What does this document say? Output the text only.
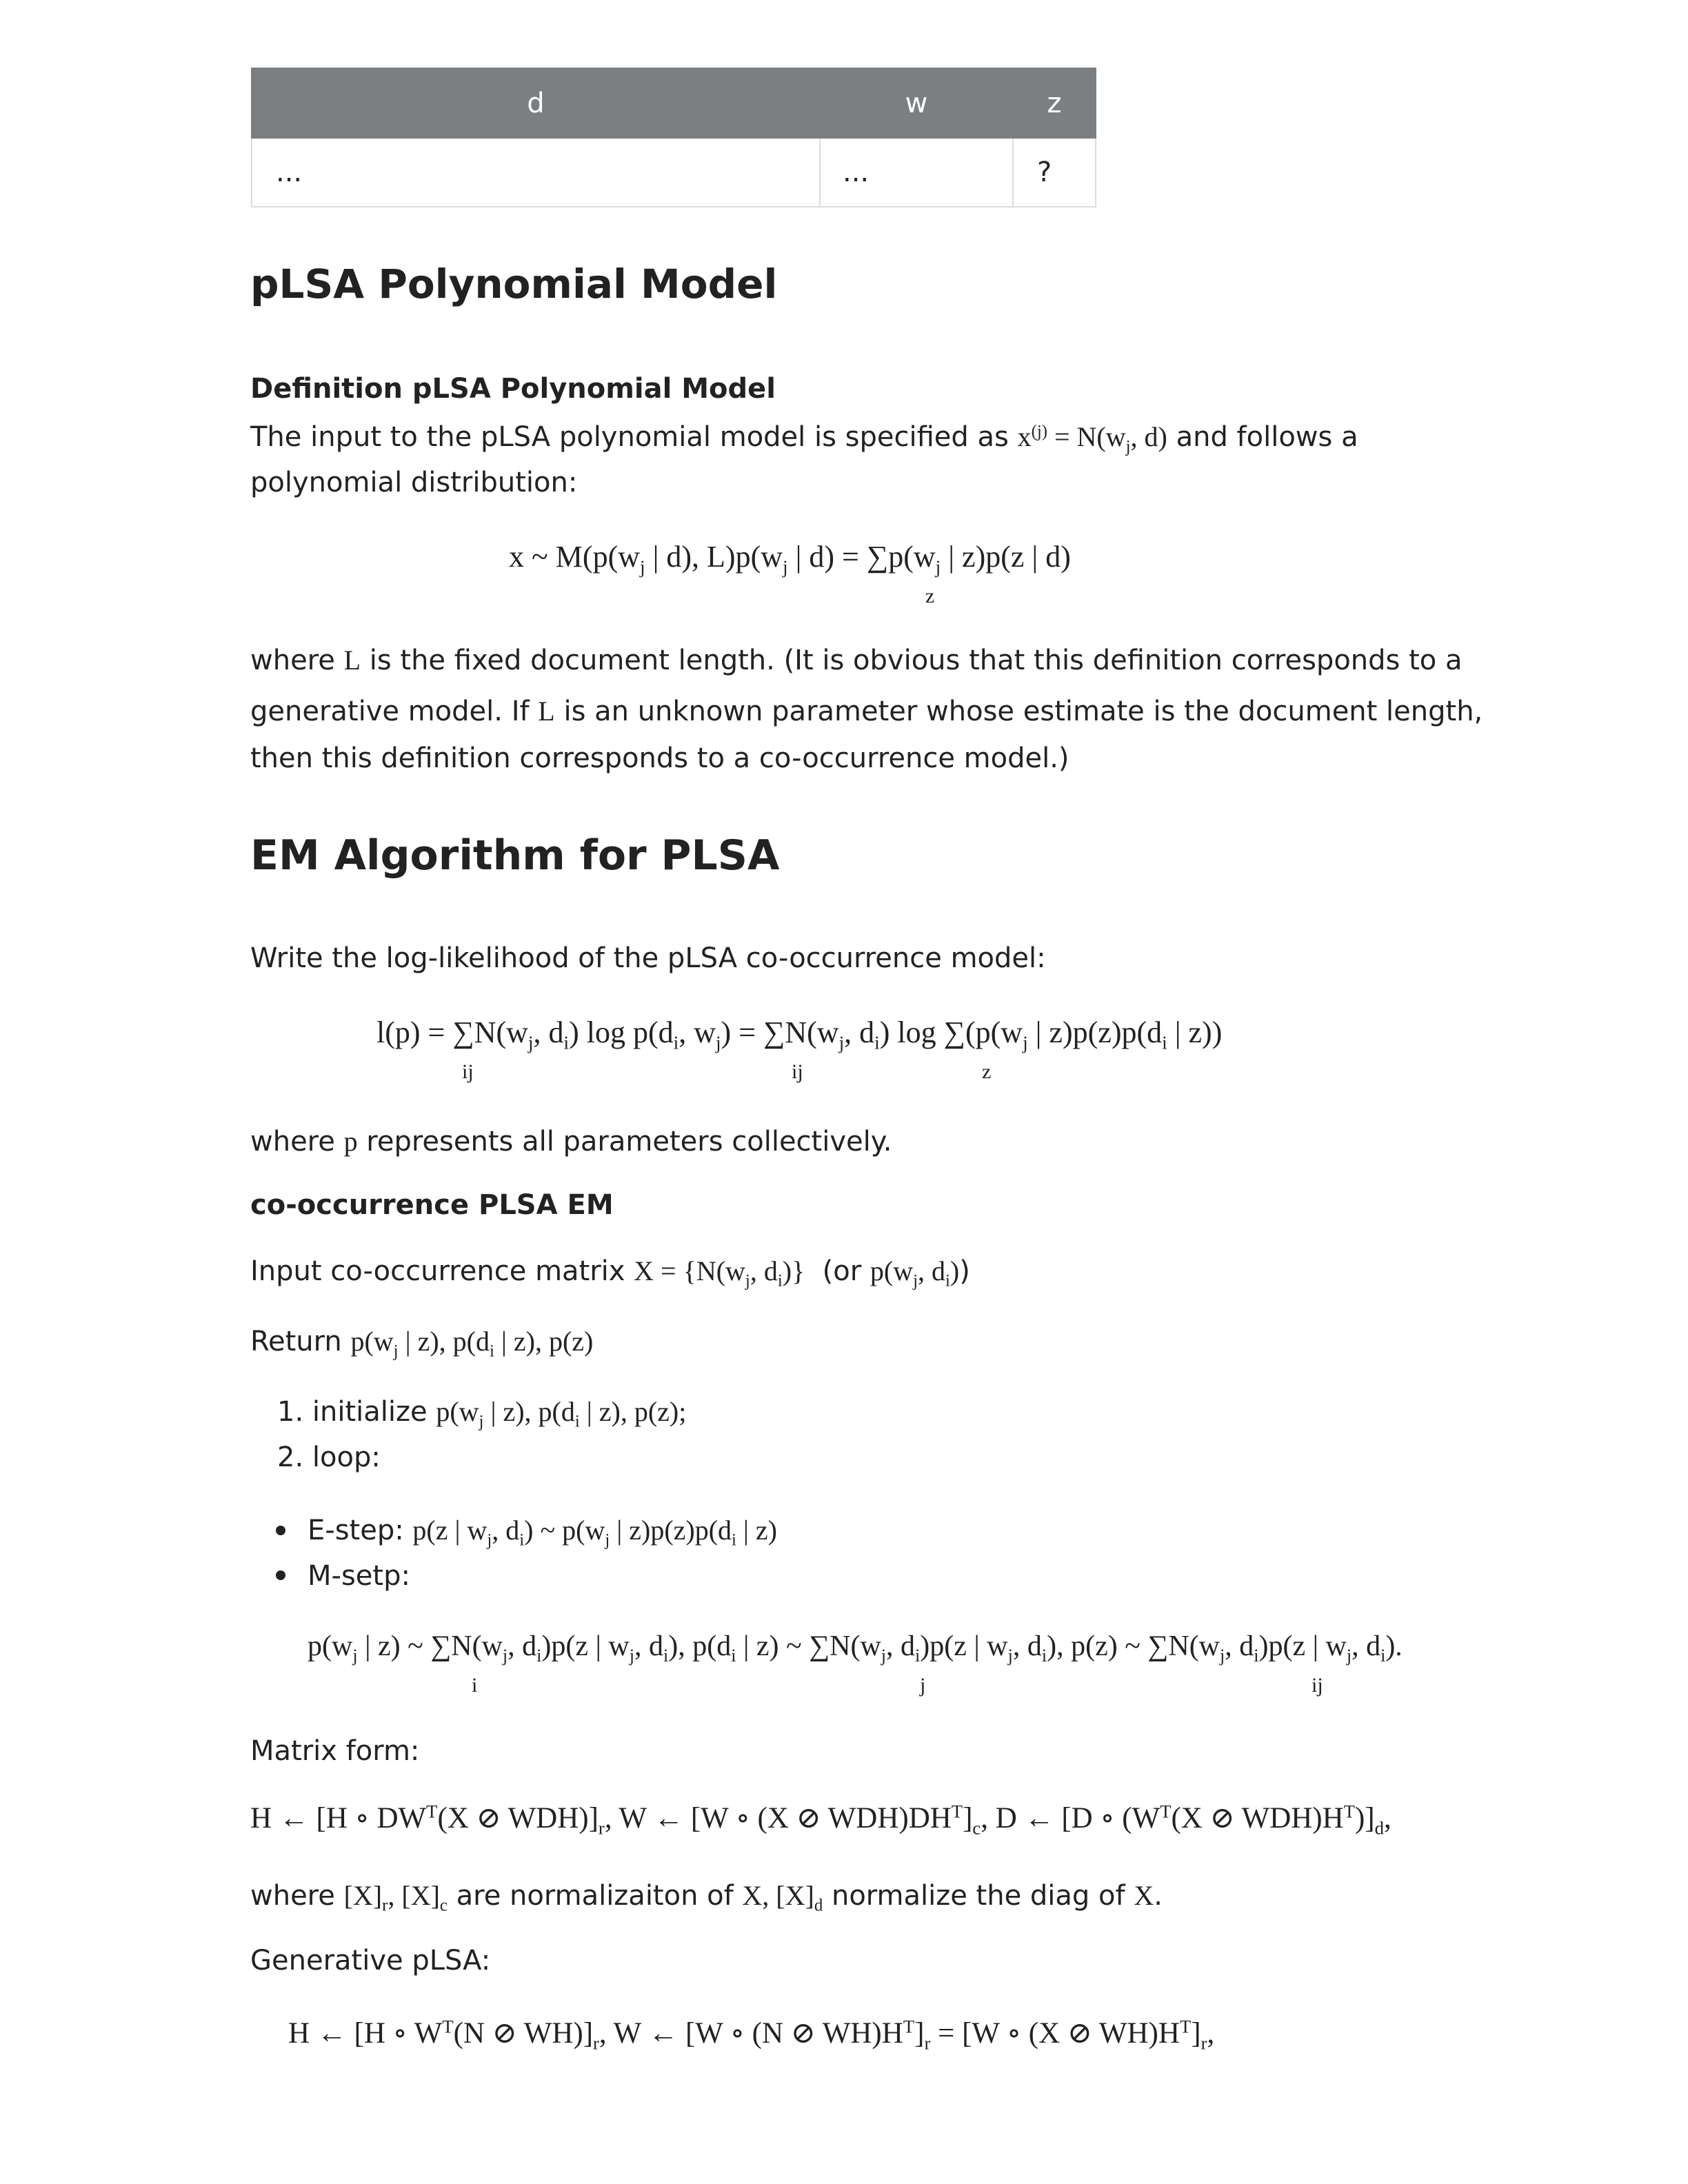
d	w	z
...	...	?
pLSA Polynomial Model
Definition pLSA Polynomial Model
The input to the pLSA polynomial model is specified as $x^{(j)} = N(w_j$, d) and follows a
polynomial distribution:
x ~ $M(p(w_j$ | d), $L)p(w_j$ | $d) = \sum p(w_j$ | z)p(z | d)
z
where L is the fixed document length. (It is obvious that this definition corresponds to a
generative model. If L is an unknown parameter whose estimate is the document length,
then this definition corresponds to a co-occurrence model.)
EM Algorithm for PLSA
Write the log-likelihood of the pLSA co-occurrence model:
$l(p) = \sum N(w_j$, $d_i$) $\log p(d_i$, $w_j) = \sum N(w_j$, $d_i$) $\log \sum(p(w_j$ | $z)p(z)p(d_i$ | z))
ij	ij	z
where p represents all parameters collectively.
co-occurrence PLSA EM
Input co-occurrence matrix $X = \{N(w_j$, $d_i$)} (or $p(w_j$, $d_i$))
Return $p(w_j$ | z), $p(d_i$ | z), p(z)
1. initialize $p(w_j$ | z), $p(d_i$ | z), p(z);
2. loop:
E-step: p(z | $w_j$, $d_i$) ~ $p(w_j$ | $z)p(z)p(d_i$ | z)
M-setp:
$p(w_j$ | z) ~ $\sum N(w_j$, $d_i)p(z$ | $w_j$, $d_i$), $p(d_i$ | z) ~ $\sum N(w_j$, $d_i)p(z$ | $w_j$, $d_i$), p(z) ~ $\sum N(w_j$, $d_i)p(z$ | $w_j$, $d_i$).
i	j	ij
Matrix form:
H ← [H ∘ $DW^T(X$ ⊘ $WDH)]_r$, W ← [W ∘ (X ⊘ $WDH)DH^T]_c$, D ← [D ∘ ($W^T(X$ ⊘ $WDH)H^T)]_d$,
where $[X]_r$, $[X]_c$ are normalizaiton of X, $[X]_d$ normalize the diag of X.
Generative pLSA:
H ← [H ∘ $W^T(N$ ⊘ $WH)]_r$, W ← [W ∘ (N ⊘ $WH)H^T]_r = [W$ ∘ (X ⊘ $WH)H^T]_r$,
